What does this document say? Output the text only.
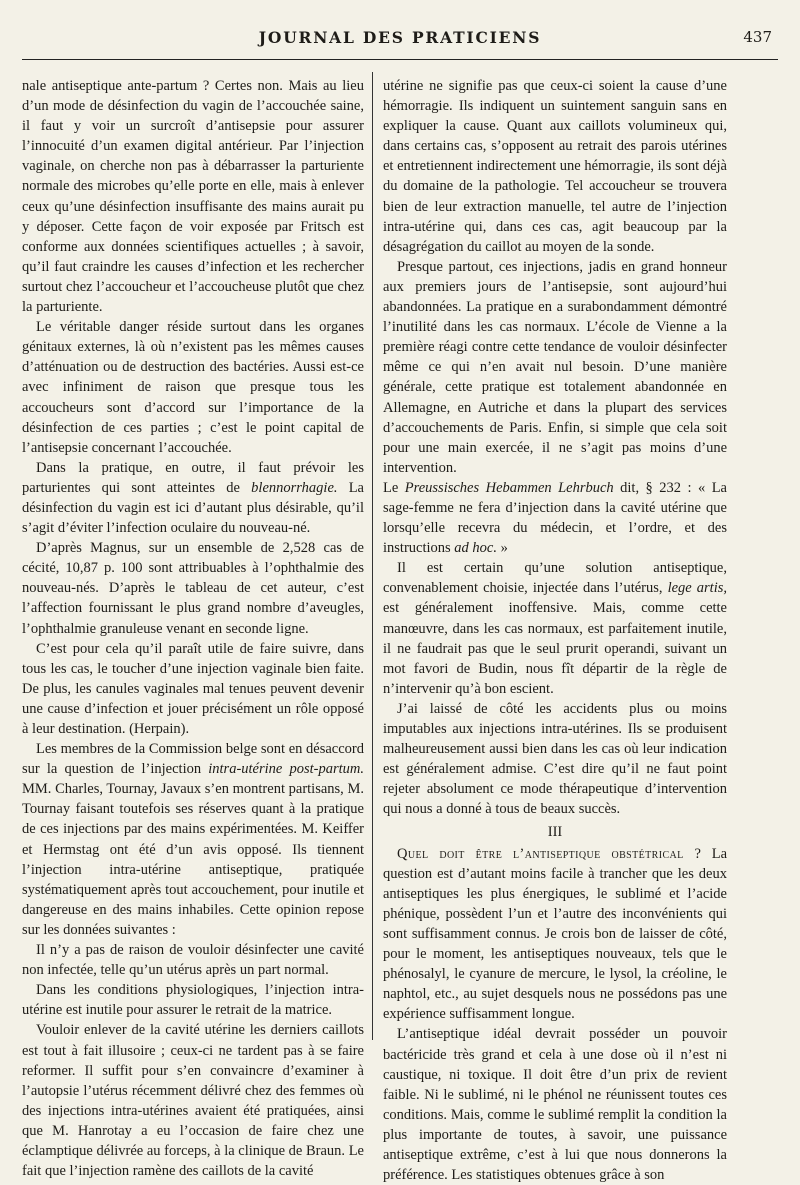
JOURNAL DES PRATICIENS	437

nale antiseptique ante-partum ? Certes non. Mais au lieu d’un mode de désinfection du vagin de l’accouchée saine, il faut y voir un surcroît d’antisepsie pour assurer l’innocuité d’un examen digital antérieur. Par l’injection vaginale, on cherche non pas à débarrasser la parturiente normale des microbes qu’elle porte en elle, mais à enlever ceux qu’une désinfection insuffisante des mains aurait pu y déposer. Cette façon de voir exposée par Fritsch est conforme aux données scientifiques actuelles ; à savoir, qu’il faut craindre les causes d’infection et les rechercher surtout chez l’accoucheur et l’accoucheuse plutôt que chez la parturiente.

Le véritable danger réside surtout dans les organes génitaux externes, là où n’existent pas les mêmes causes d’atténuation ou de destruction des bactéries. Aussi est-ce avec infiniment de raison que presque tous les accoucheurs sont d’accord sur l’importance de la désinfection de ces parties ; c’est le point capital de l’antisepsie concernant l’accouchée.

Dans la pratique, en outre, il faut prévoir les parturientes qui sont atteintes de blennorrhagie. La désinfection du vagin est ici d’autant plus désirable, qu’il s’agit d’éviter l’infection oculaire du nouveau-né.

D’après Magnus, sur un ensemble de 2,528 cas de cécité, 10,87 p. 100 sont attribuables à l’ophthalmie des nouveau-nés. D’après le tableau de cet auteur, c’est l’affection fournissant le plus grand nombre d’aveugles, l’ophthalmie granuleuse venant en seconde ligne.

C’est pour cela qu’il paraît utile de faire suivre, dans tous les cas, le toucher d’une injection vaginale bien faite. De plus, les canules vaginales mal tenues peuvent devenir une cause d’infection et jouer précisément un rôle opposé à leur destination. (Herpain).

Les membres de la Commission belge sont en désaccord sur la question de l’injection intra-utérine post-partum. MM. Charles, Tournay, Javaux s’en montrent partisans, M. Tournay faisant toutefois ses réserves quant à la pratique de ces injections par des mains expérimentées. M. Keiffer et Hermstag ont été d’un avis opposé. Ils tiennent l’injection intra-utérine antiseptique, pratiquée systématiquement après tout accouchement, pour inutile et dangereuse en des mains inhabiles. Cette opinion repose sur les données suivantes :

Il n’y a pas de raison de vouloir désinfecter une cavité non infectée, telle qu’un utérus après un part normal.

Dans les conditions physiologiques, l’injection intra-utérine est inutile pour assurer le retrait de la matrice.

Vouloir enlever de la cavité utérine les derniers caillots est tout à fait illusoire ; ceux-ci ne tardent pas à se faire reformer. Il suffit pour s’en convaincre d’examiner à l’autopsie l’utérus récemment délivré chez des femmes où des injections intra-utérines avaient été pratiquées, ainsi que M. Hanrotay a eu l’occasion de faire chez une éclamptique délivrée au forceps, à la clinique de Braun. Le fait que l’injection ramène des caillots de la cavité

utérine ne signifie pas que ceux-ci soient la cause d’une hémorragie. Ils indiquent un suintement sanguin sans en expliquer la cause. Quant aux caillots volumineux qui, dans certains cas, s’opposent au retrait des parois utérines et entretiennent indirectement une hémorragie, ils sont déjà du domaine de la pathologie. Tel accoucheur se trouvera bien de leur extraction manuelle, tel autre de l’injection intra-utérine qui, dans ces cas, agit beaucoup par la désagrégation du caillot au moyen de la sonde.

Presque partout, ces injections, jadis en grand honneur aux premiers jours de l’antisepsie, sont aujourd’hui abandonnées. La pratique en a surabondamment démontré l’inutilité dans les cas normaux. L’école de Vienne a la première réagi contre cette tendance de vouloir désinfecter même ce qui n’en avait nul besoin. D’une manière générale, cette pratique est totalement abandonnée en Allemagne, en Autriche et dans la plupart des services d’accouchements de Paris. Enfin, si simple que cela soit pour une main exercée, il ne s’agit pas moins d’une intervention.

Le Preussisches Hebammen Lehrbuch dit, § 232 : « La sage-femme ne fera d’injection dans la cavité utérine que lorsqu’elle recevra du médecin, et l’ordre, et des instructions ad hoc. »

Il est certain qu’une solution antiseptique, convenablement choisie, injectée dans l’utérus, lege artis, est généralement inoffensive. Mais, comme cette manœuvre, dans les cas normaux, est parfaitement inutile, il ne faudrait pas que le seul prurit operandi, suivant un mot favori de Budin, nous fît départir de la règle de n’intervenir qu’à bon escient.

J’ai laissé de côté les accidents plus ou moins imputables aux injections intra-utérines. Ils se produisent malheureusement aussi bien dans les cas où leur indication est généralement admise. C’est dire qu’il ne faut point rejeter absolument ce mode thérapeutique d’intervention qui nous a donné à tous de beaux succès.

III

Quel doit être l’antiseptique obstétrical ? La question est d’autant moins facile à trancher que les deux antiseptiques les plus énergiques, le sublimé et l’acide phénique, possèdent l’un et l’autre des inconvénients qui sont suffisamment connus. Je crois bon de laisser de côté, pour le moment, les antiseptiques nouveaux, tels que le phénosalyl, le cyanure de mercure, le lysol, la créoline, le naphtol, etc., au sujet desquels nous ne possédons pas une expérience suffisamment longue.

L’antiseptique idéal devrait posséder un pouvoir bactéricide très grand et cela à une dose où il n’est ni caustique, ni toxique. Il doit être d’un prix de revient faible. Ni le sublimé, ni le phénol ne réunissent toutes ces conditions. Mais, comme le sublimé remplit la condition la plus importante de toutes, à savoir, une puissance antiseptique extrême, c’est à lui que nous donnerons la préférence. Les statistiques obtenues grâce à son
